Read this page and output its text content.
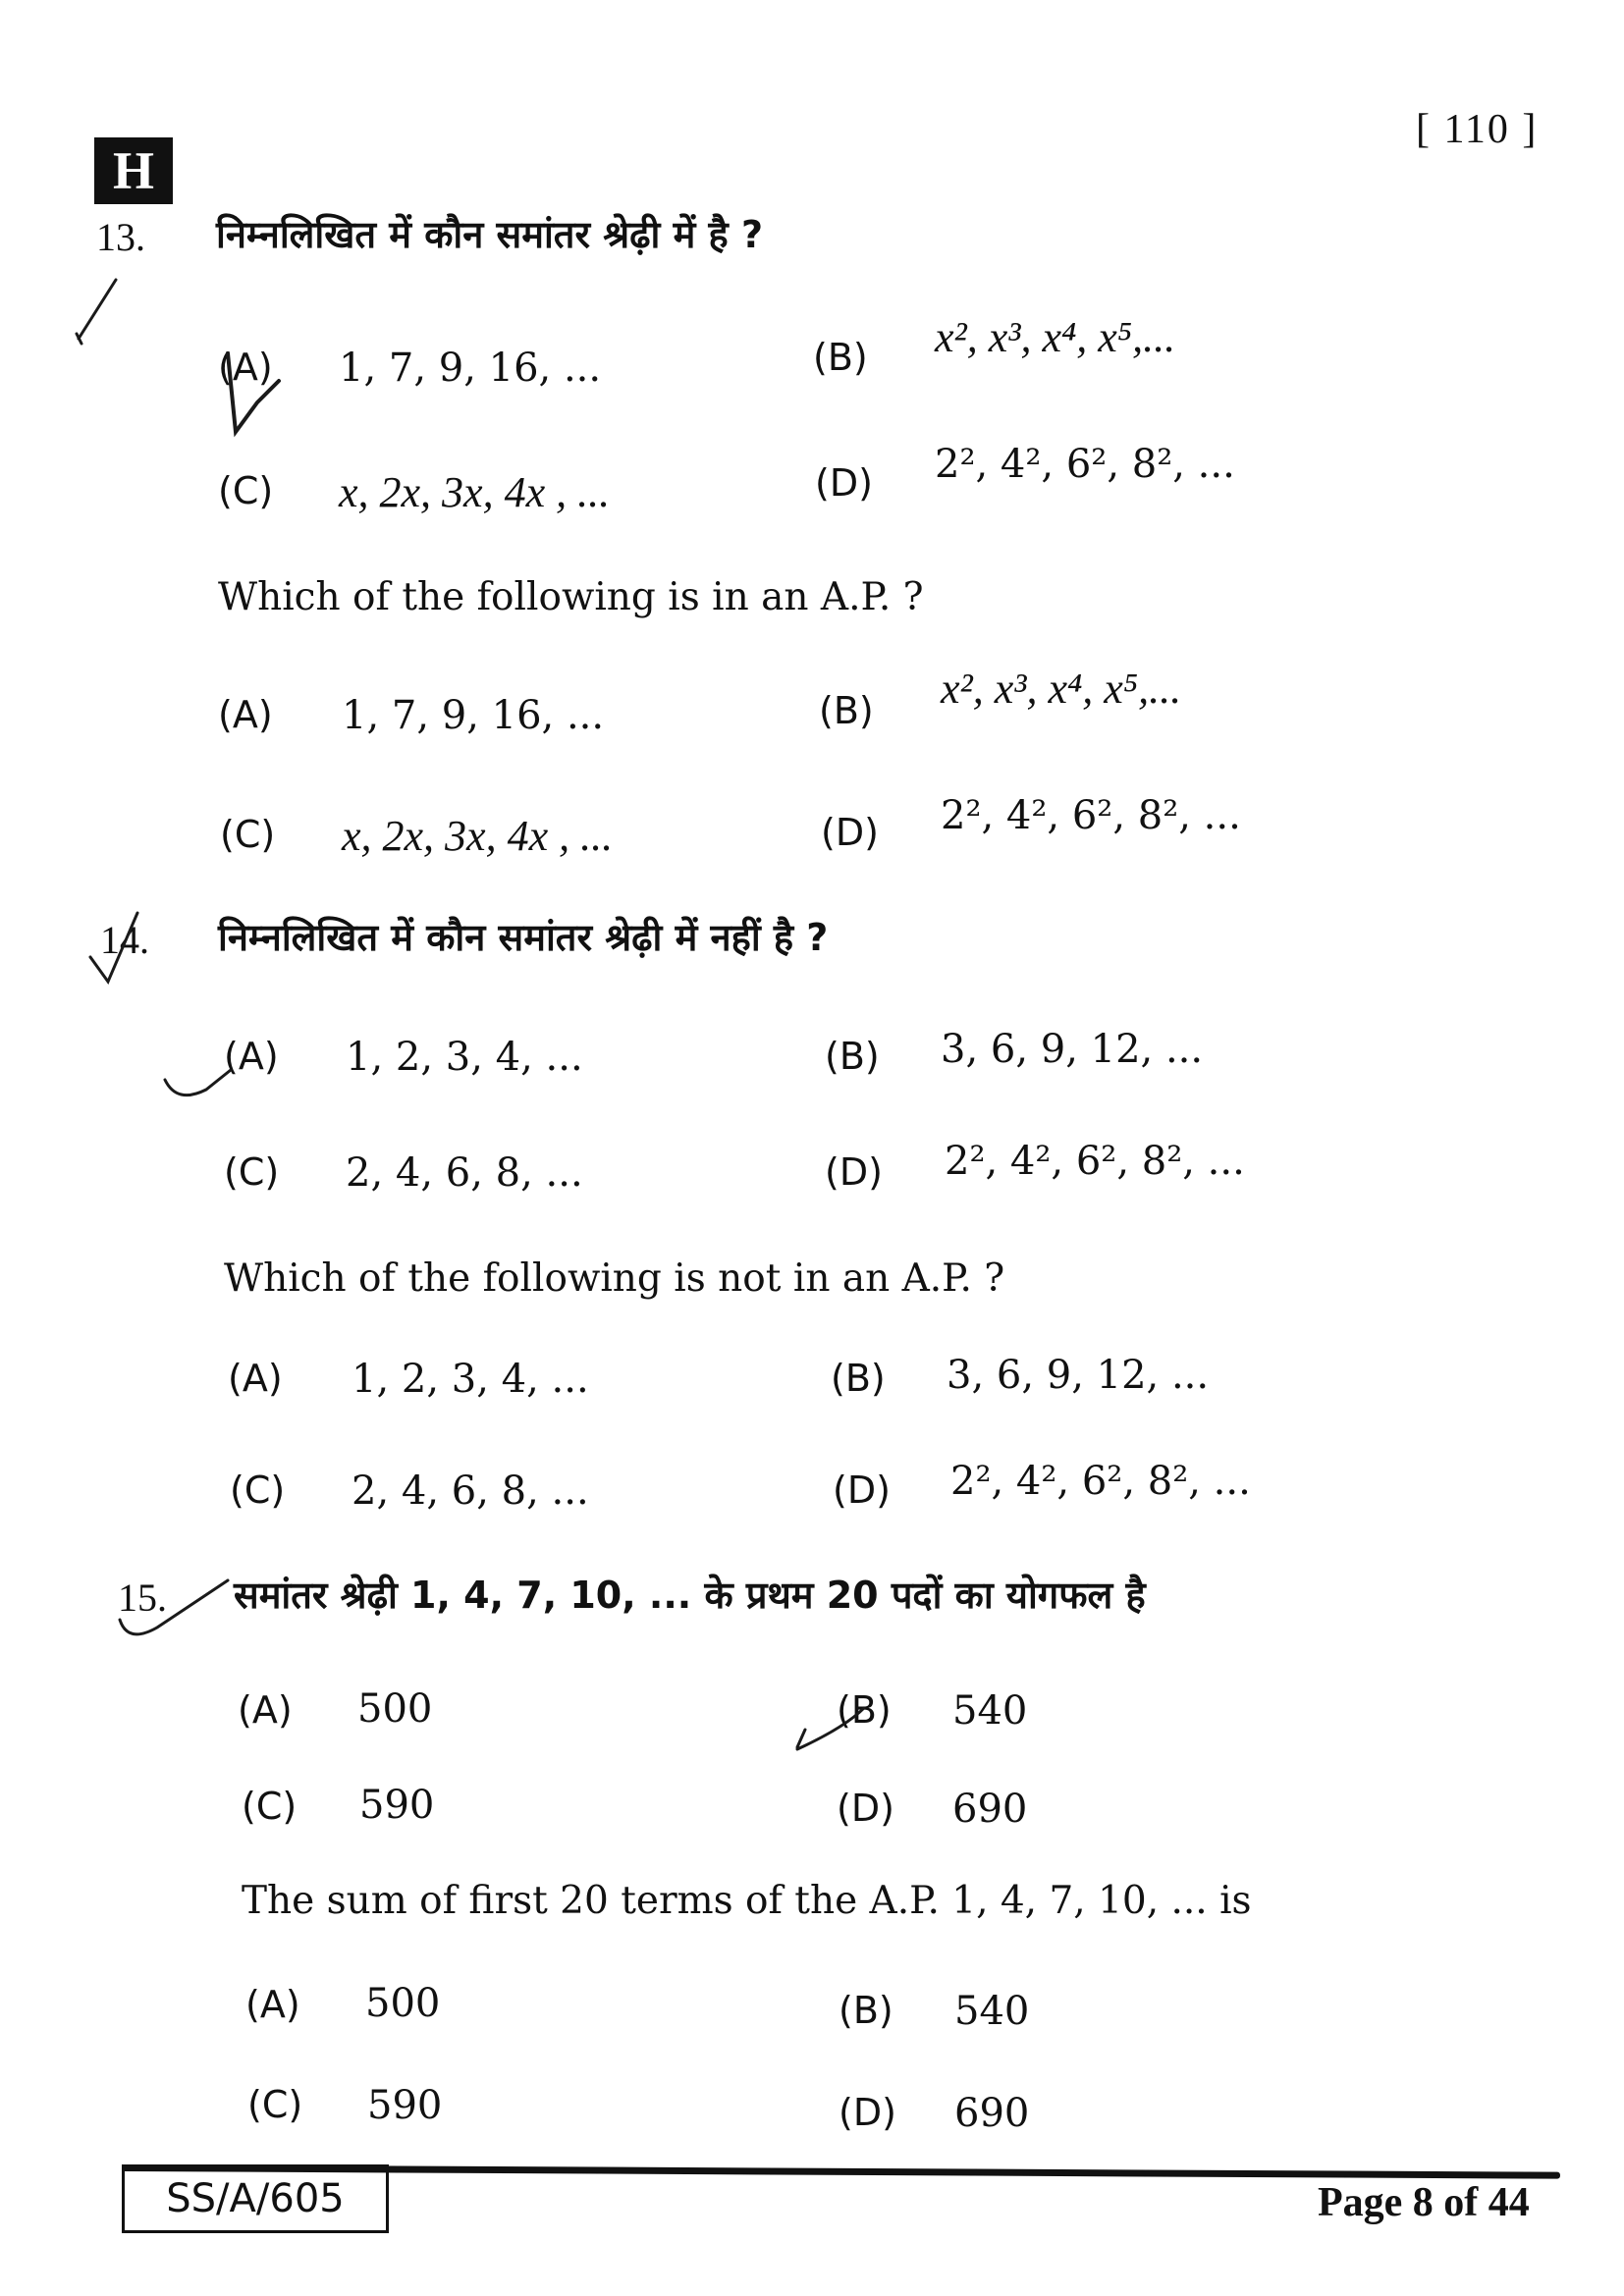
H
[ 110 ]
13. निम्नलिखित में कौन समांतर श्रेढ़ी में है ?
(A) 1, 7, 9, 16, ...	(B) x², x³, x⁴, x⁵,...
(C) x, 2x, 3x, 4x , ...	(D) 2², 4², 6², 8², ...
Which of the following is in an A.P. ?
(A) 1, 7, 9, 16, ...	(B) x², x³, x⁴, x⁵,...
(C) x, 2x, 3x, 4x , ...	(D) 2², 4², 6², 8², ...
14. निम्नलिखित में कौन समांतर श्रेढ़ी में नहीं है ?
(A) 1, 2, 3, 4, ...	(B) 3, 6, 9, 12, ...
(C) 2, 4, 6, 8, ...	(D) 2², 4², 6², 8², ...
Which of the following is not in an A.P. ?
(A) 1, 2, 3, 4, ...	(B) 3, 6, 9, 12, ...
(C) 2, 4, 6, 8, ...	(D) 2², 4², 6², 8², ...
15. समांतर श्रेढ़ी 1, 4, 7, 10, ... के प्रथम 20 पदों का योगफल है
(A) 500	(B) 540
(C) 590	(D) 690
The sum of first 20 terms of the A.P. 1, 4, 7, 10, ... is
(A) 500	(B) 540
(C) 590	(D) 690
SS/A/605	Page 8 of 44
